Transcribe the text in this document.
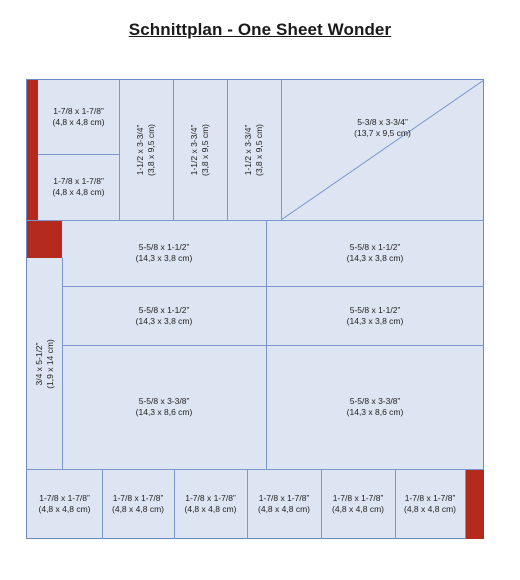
Schnittplan - One Sheet Wonder
1-7/8 x 1-7/8”
(4,8 x 4,8 cm)
1-7/8 x 1-7/8”
(4,8 x 4,8 cm)
1-1/2 x 3-3/4” (3,8 x 9,5 cm)	1-1/2 x 3-3/4” (3,8 x 9,5 cm)	1-1/2 x 3-3/4” (3,8 x 9,5 cm)
5-3/8 x 3-3/4”
(13,7 x 9,5 cm)
5-5/8 x 1-1/2”
(14,3 x 3,8 cm)
5-5/8 x 1-1/2”
(14,3 x 3,8 cm)
5-5/8 x 1-1/2”
(14,3 x 3,8 cm)
5-5/8 x 1-1/2”
(14,3 x 3,8 cm)
5-5/8 x 3-3/8”
(14,3 x 8,6 cm)
5-5/8 x 3-3/8”
(14,3 x 8,6 cm)
3/4 x 5-1/2” (1,9 x 14 cm)
1-7/8 x 1-7/8”
(4,8 x 4,8 cm)
1-7/8 x 1-7/8”
(4,8 x 4,8 cm)
1-7/8 x 1-7/8”
(4,8 x 4,8 cm)
1-7/8 x 1-7/8”
(4,8 x 4,8 cm)
1-7/8 x 1-7/8”
(4,8 x 4,8 cm)
1-7/8 x 1-7/8”
(4,8 x 4,8 cm)
